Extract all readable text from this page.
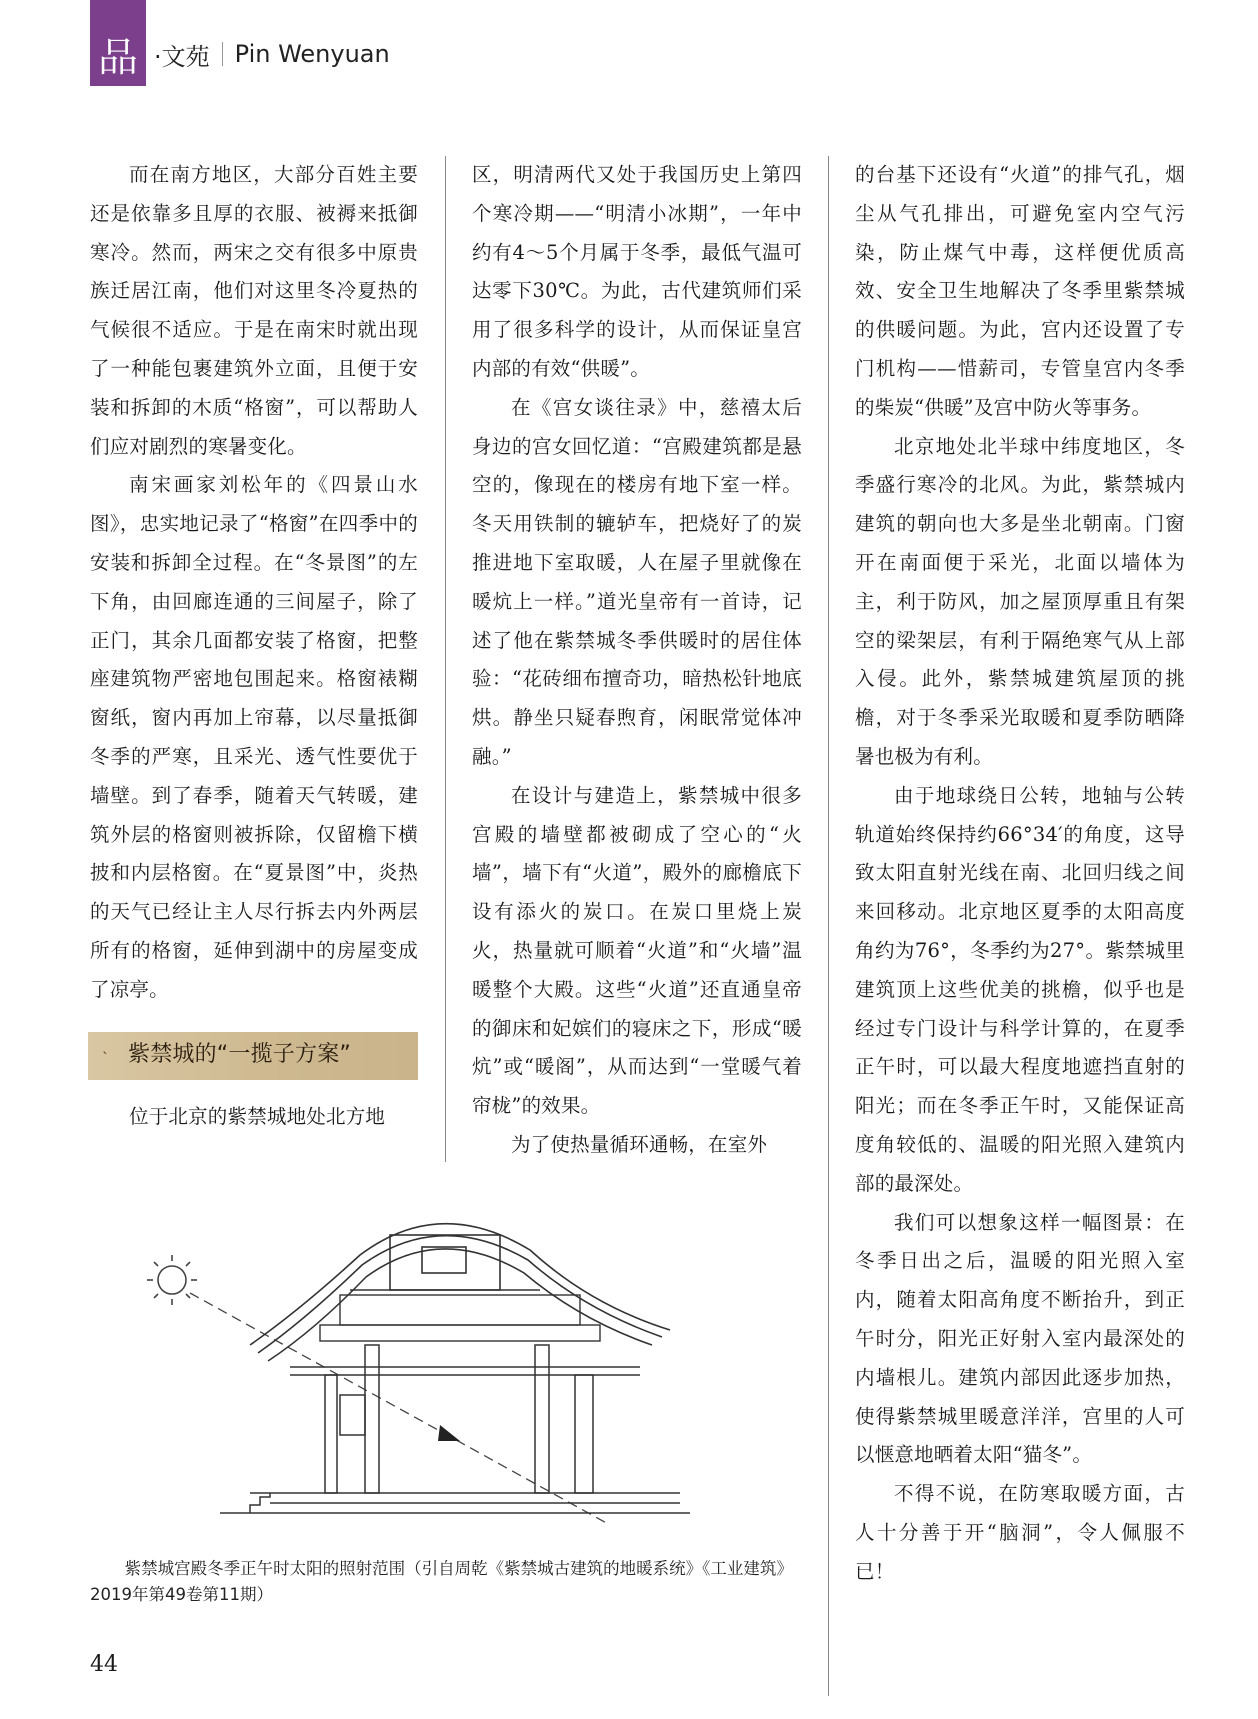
品 ·文苑 Pin Wenyuan

而在南方地区，大部分百姓主要还是依靠多且厚的衣服、被褥来抵御寒冷。然而，两宋之交有很多中原贵族迁居江南，他们对这里冬冷夏热的气候很不适应。于是在南宋时就出现了一种能包裹建筑外立面，且便于安装和拆卸的木质“格窗”，可以帮助人们应对剧烈的寒暑变化。

南宋画家刘松年的《四景山水图》，忠实地记录了“格窗”在四季中的安装和拆卸全过程。在“冬景图”的左下角，由回廊连通的三间屋子，除了正门，其余几面都安装了格窗，把整座建筑物严密地包围起来。格窗裱糊窗纸，窗内再加上帘幕，以尽量抵御冬季的严寒，且采光、透气性要优于墙壁。到了春季，随着天气转暖，建筑外层的格窗则被拆除，仅留檐下横披和内层格窗。在“夏景图”中，炎热的天气已经让主人尽行拆去内外两层所有的格窗，延伸到湖中的房屋变成了凉亭。

` 紫禁城的“一揽子方案”

位于北京的紫禁城地处北方地

区，明清两代又处于我国历史上第四个寒冷期——“明清小冰期”，一年中约有4～5个月属于冬季，最低气温可达零下30℃。为此，古代建筑师们采用了很多科学的设计，从而保证皇宫内部的有效“供暖”。

在《宫女谈往录》中，慈禧太后身边的宫女回忆道：“宫殿建筑都是悬空的，像现在的楼房有地下室一样。冬天用铁制的辘轳车，把烧好了的炭推进地下室取暖，人在屋子里就像在暖炕上一样。”道光皇帝有一首诗，记述了他在紫禁城冬季供暖时的居住体验：“花砖细布擅奇功，暗热松针地底烘。静坐只疑春煦育，闲眠常觉体冲融。”

在设计与建造上，紫禁城中很多宫殿的墙壁都被砌成了空心的“火墙”，墙下有“火道”，殿外的廊檐底下设有添火的炭口。在炭口里烧上炭火，热量就可顺着“火道”和“火墙”温暖整个大殿。这些“火道”还直通皇帝的御床和妃嫔们的寝床之下，形成“暖炕”或“暖阁”，从而达到“一堂暖气着帘栊”的效果。

为了使热量循环通畅，在室外

的台基下还设有“火道”的排气孔，烟尘从气孔排出，可避免室内空气污染，防止煤气中毒，这样便优质高效、安全卫生地解决了冬季里紫禁城的供暖问题。为此，宫内还设置了专门机构——惜薪司，专管皇宫内冬季的柴炭“供暖”及宫中防火等事务。

北京地处北半球中纬度地区，冬季盛行寒冷的北风。为此，紫禁城内建筑的朝向也大多是坐北朝南。门窗开在南面便于采光，北面以墙体为主，利于防风，加之屋顶厚重且有架空的梁架层，有利于隔绝寒气从上部入侵。此外，紫禁城建筑屋顶的挑檐，对于冬季采光取暖和夏季防晒降暑也极为有利。

由于地球绕日公转，地轴与公转轨道始终保持约66°34′的角度，这导致太阳直射光线在南、北回归线之间来回移动。北京地区夏季的太阳高度角约为76°，冬季约为27°。紫禁城里建筑顶上这些优美的挑檐，似乎也是经过专门设计与科学计算的，在夏季正午时，可以最大程度地遮挡直射的阳光；而在冬季正午时，又能保证高度角较低的、温暖的阳光照入建筑内部的最深处。

我们可以想象这样一幅图景：在冬季日出之后，温暖的阳光照入室内，随着太阳高角度不断抬升，到正午时分，阳光正好射入室内最深处的内墙根儿。建筑内部因此逐步加热，使得紫禁城里暖意洋洋，宫里的人可以惬意地晒着太阳“猫冬”。

不得不说，在防寒取暖方面，古人十分善于开“脑洞”，令人佩服不已！

紫禁城宫殿冬季正午时太阳的照射范围（引自周乾《紫禁城古建筑的地暖系统》《工业建筑》2019年第49卷第11期）
44
